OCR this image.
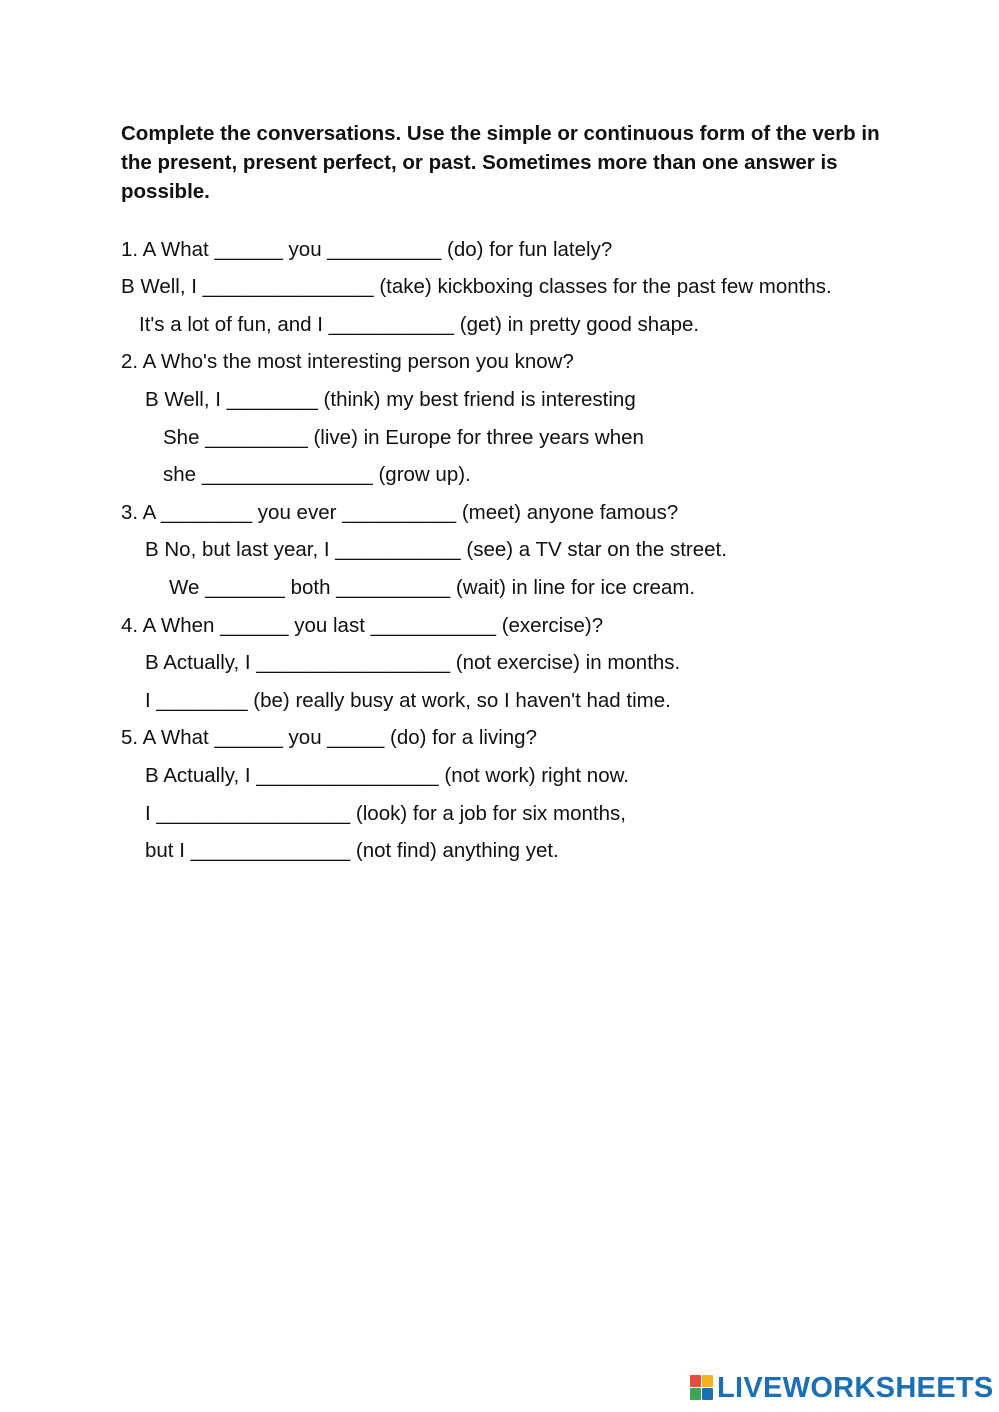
Complete the conversations. Use the simple or continuous form of the verb in the present, present perfect, or past. Sometimes more than one answer is possible.

1. A What ______ you __________ (do) for fun lately?

B Well, I _______________ (take) kickboxing classes for the past few months.

It's a lot of fun, and I ___________ (get) in pretty good shape.

2. A Who's the most interesting person you know?

B Well, I ________ (think) my best friend is interesting

She _________ (live) in Europe for three years when

she _______________ (grow up).

3. A ________ you ever __________ (meet) anyone famous?

B No, but last year, I ___________ (see) a TV star on the street.

We _______ both __________ (wait) in line for ice cream.

4. A When ______ you last ___________ (exercise)?

B Actually, I _________________ (not exercise) in months.

I ________ (be) really busy at work, so I haven't had time.

5. A What ______ you _____ (do) for a living?

B Actually, I ________________ (not work) right now.

I _________________ (look) for a job for six months,

but I ______________ (not find) anything yet.

LIVEWORKSHEETS
